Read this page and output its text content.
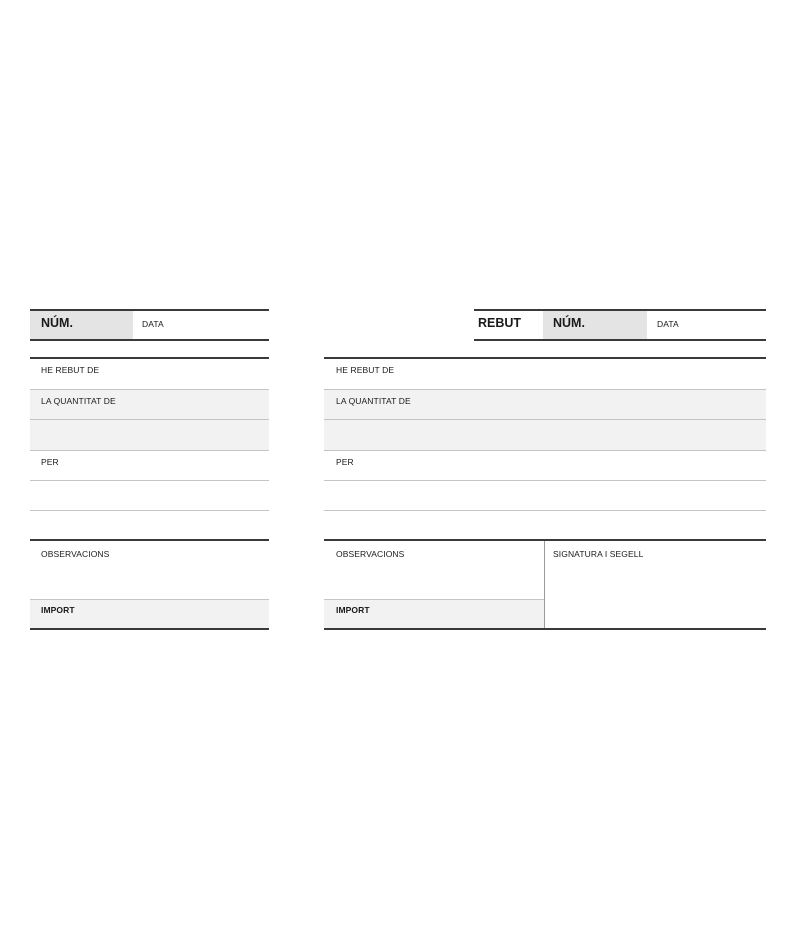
NÚM.	DATA
HE REBUT DE
LA QUANTITAT DE
PER
OBSERVACIONS
IMPORT
REBUT	NÚM.	DATA
HE REBUT DE
LA QUANTITAT DE
PER
OBSERVACIONS
IMPORT
SIGNATURA I SEGELL
